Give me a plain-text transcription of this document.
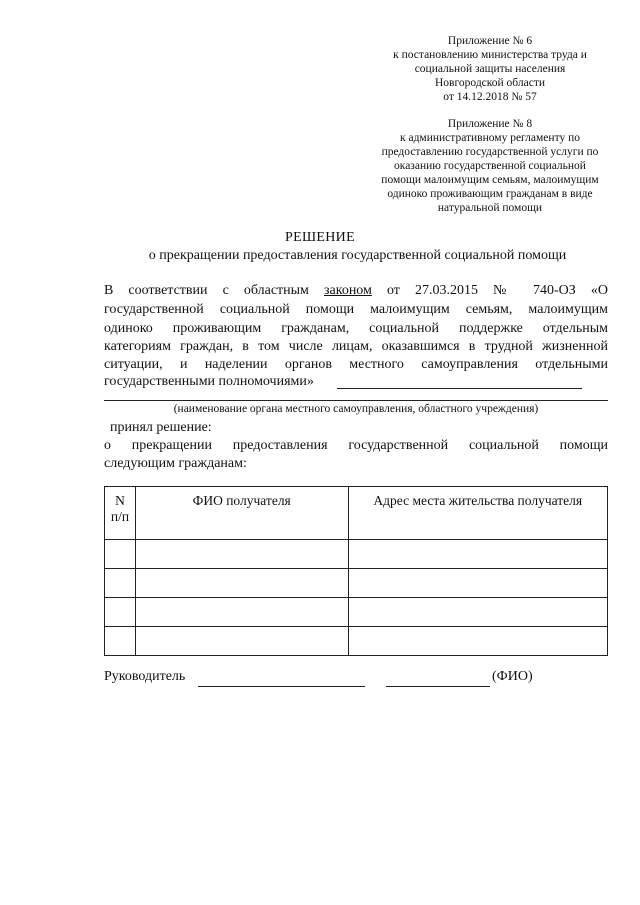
Приложение № 6
к постановлению министерства труда и
социальной защиты населения
Новгородской области
от 14.12.2018 № 57
Приложение № 8
к административному регламенту по
предоставлению государственной услуги по
оказанию государственной социальной
помощи малоимущим семьям, малоимущим
одиноко проживающим гражданам в виде
натуральной помощи
РЕШЕНИЕ
о прекращении предоставления государственной социальной помощи
В соответствии с областным законом от 27.03.2015 № 740-ОЗ «О
государственной социальной помощи малоимущим семьям, малоимущим
одиноко проживающим гражданам, социальной поддержке отдельным
категориям граждан, в том числе лицам, оказавшимся в трудной жизненной
ситуации, и наделении органов местного самоуправления отдельными
государственными полномочиями»
(наименование органа местного самоуправления, областного учреждения)
принял решение:
о прекращении предоставления государственной социальной помощи
следующим гражданам:
N
п/п	ФИО получателя	Адрес места жительства получателя

Руководитель	(ФИО)
